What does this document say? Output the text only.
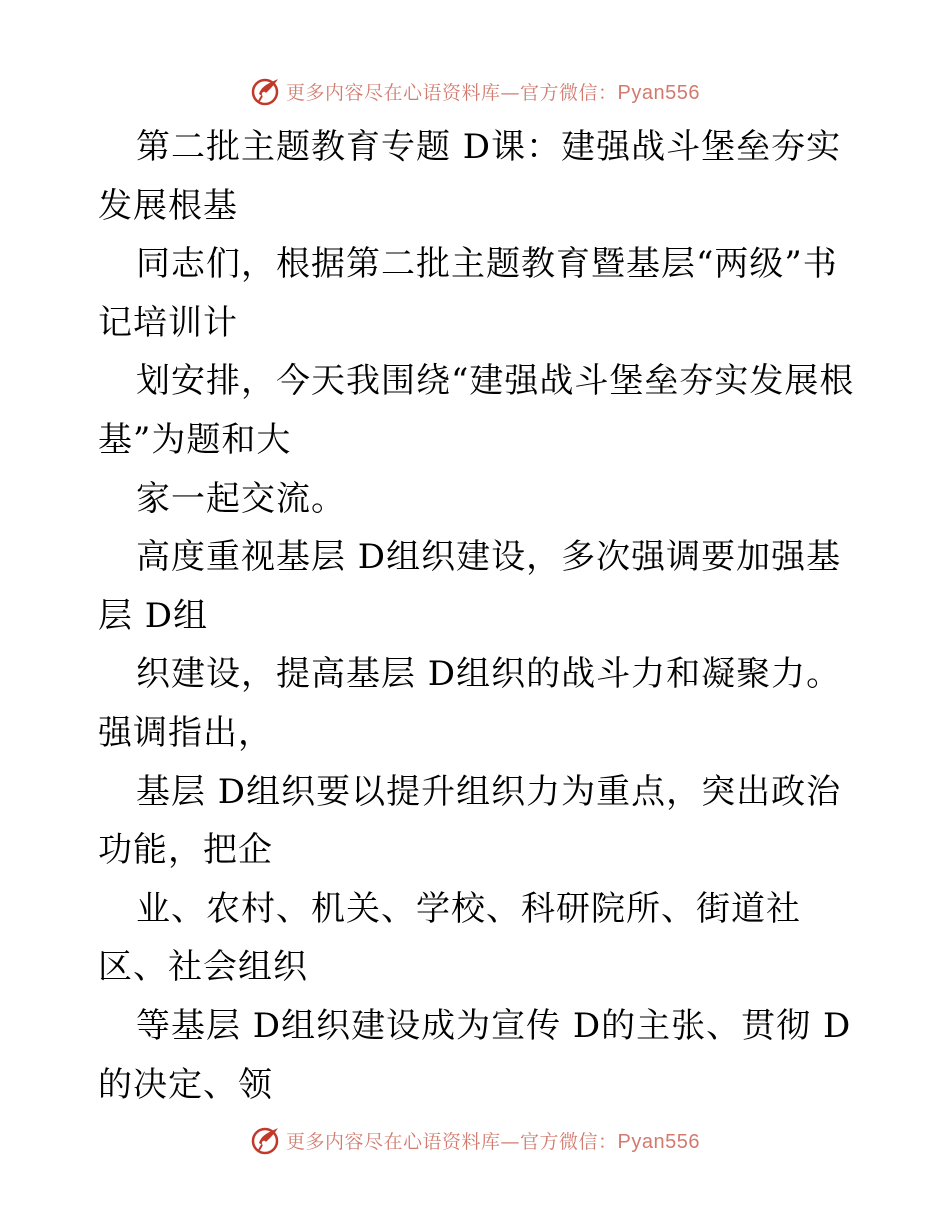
更多内容尽在心语资料库—官方微信：Pyan556

第二批主题教育专题 D课：建强战斗堡垒夯实发展根基

同志们，根据第二批主题教育暨基层“两级”书记培训计

划安排，今天我围绕“建强战斗堡垒夯实发展根基”为题和大

家一起交流。

高度重视基层 D组织建设，多次强调要加强基层 D组

织建设，提高基层 D组织的战斗力和凝聚力。强调指出，

基层 D组织要以提升组织力为重点，突出政治功能，把企

业、农村、机关、学校、科研院所、街道社区、社会组织

等基层 D组织建设成为宣传 D的主张、贯彻 D的决定、领

更多内容尽在心语资料库—官方微信：Pyan556
